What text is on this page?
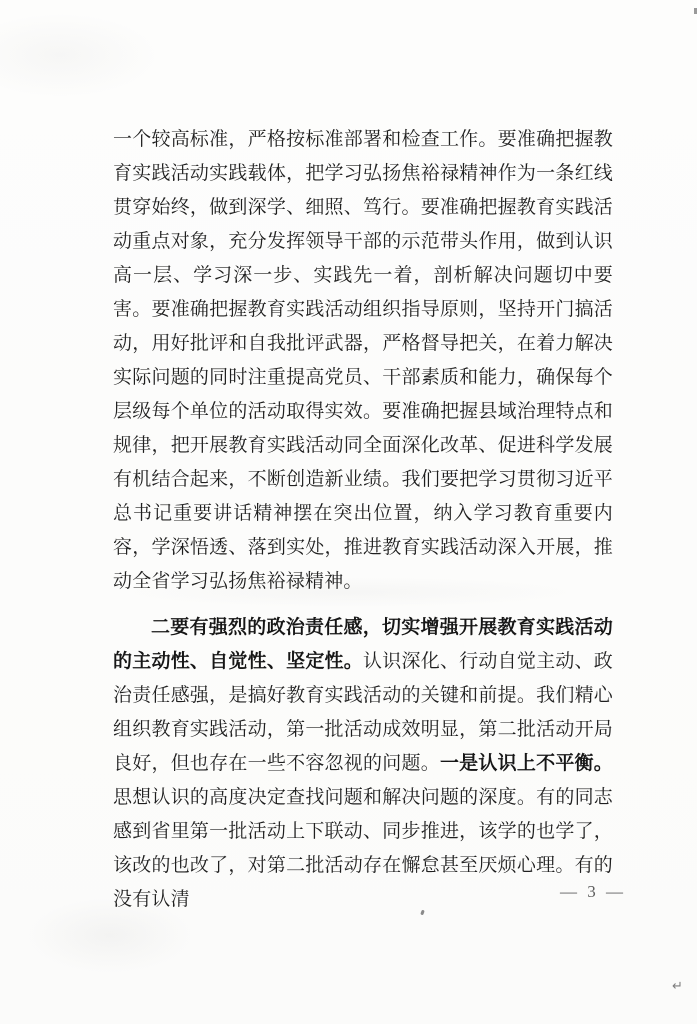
一个较高标准，严格按标准部署和检查工作。要准确把握教育实践活动实践载体，把学习弘扬焦裕禄精神作为一条红线贯穿始终，做到深学、细照、笃行。要准确把握教育实践活动重点对象，充分发挥领导干部的示范带头作用，做到认识高一层、学习深一步、实践先一着，剖析解决问题切中要害。要准确把握教育实践活动组织指导原则，坚持开门搞活动，用好批评和自我批评武器，严格督导把关，在着力解决实际问题的同时注重提高党员、干部素质和能力，确保每个层级每个单位的活动取得实效。要准确把握县域治理特点和规律，把开展教育实践活动同全面深化改革、促进科学发展有机结合起来，不断创造新业绩。我们要把学习贯彻习近平总书记重要讲话精神摆在突出位置，纳入学习教育重要内容，学深悟透、落到实处，推进教育实践活动深入开展，推动全省学习弘扬焦裕禄精神。

二要有强烈的政治责任感，切实增强开展教育实践活动的主动性、自觉性、坚定性。认识深化、行动自觉主动、政治责任感强，是搞好教育实践活动的关键和前提。我们精心组织教育实践活动，第一批活动成效明显，第二批活动开局良好，但也存在一些不容忽视的问题。一是认识上不平衡。思想认识的高度决定查找问题和解决问题的深度。有的同志感到省里第一批活动上下联动、同步推进，该学的也学了，该改的也改了，对第二批活动存在懈怠甚至厌烦心理。有的没有认清	— 3 —
↵
